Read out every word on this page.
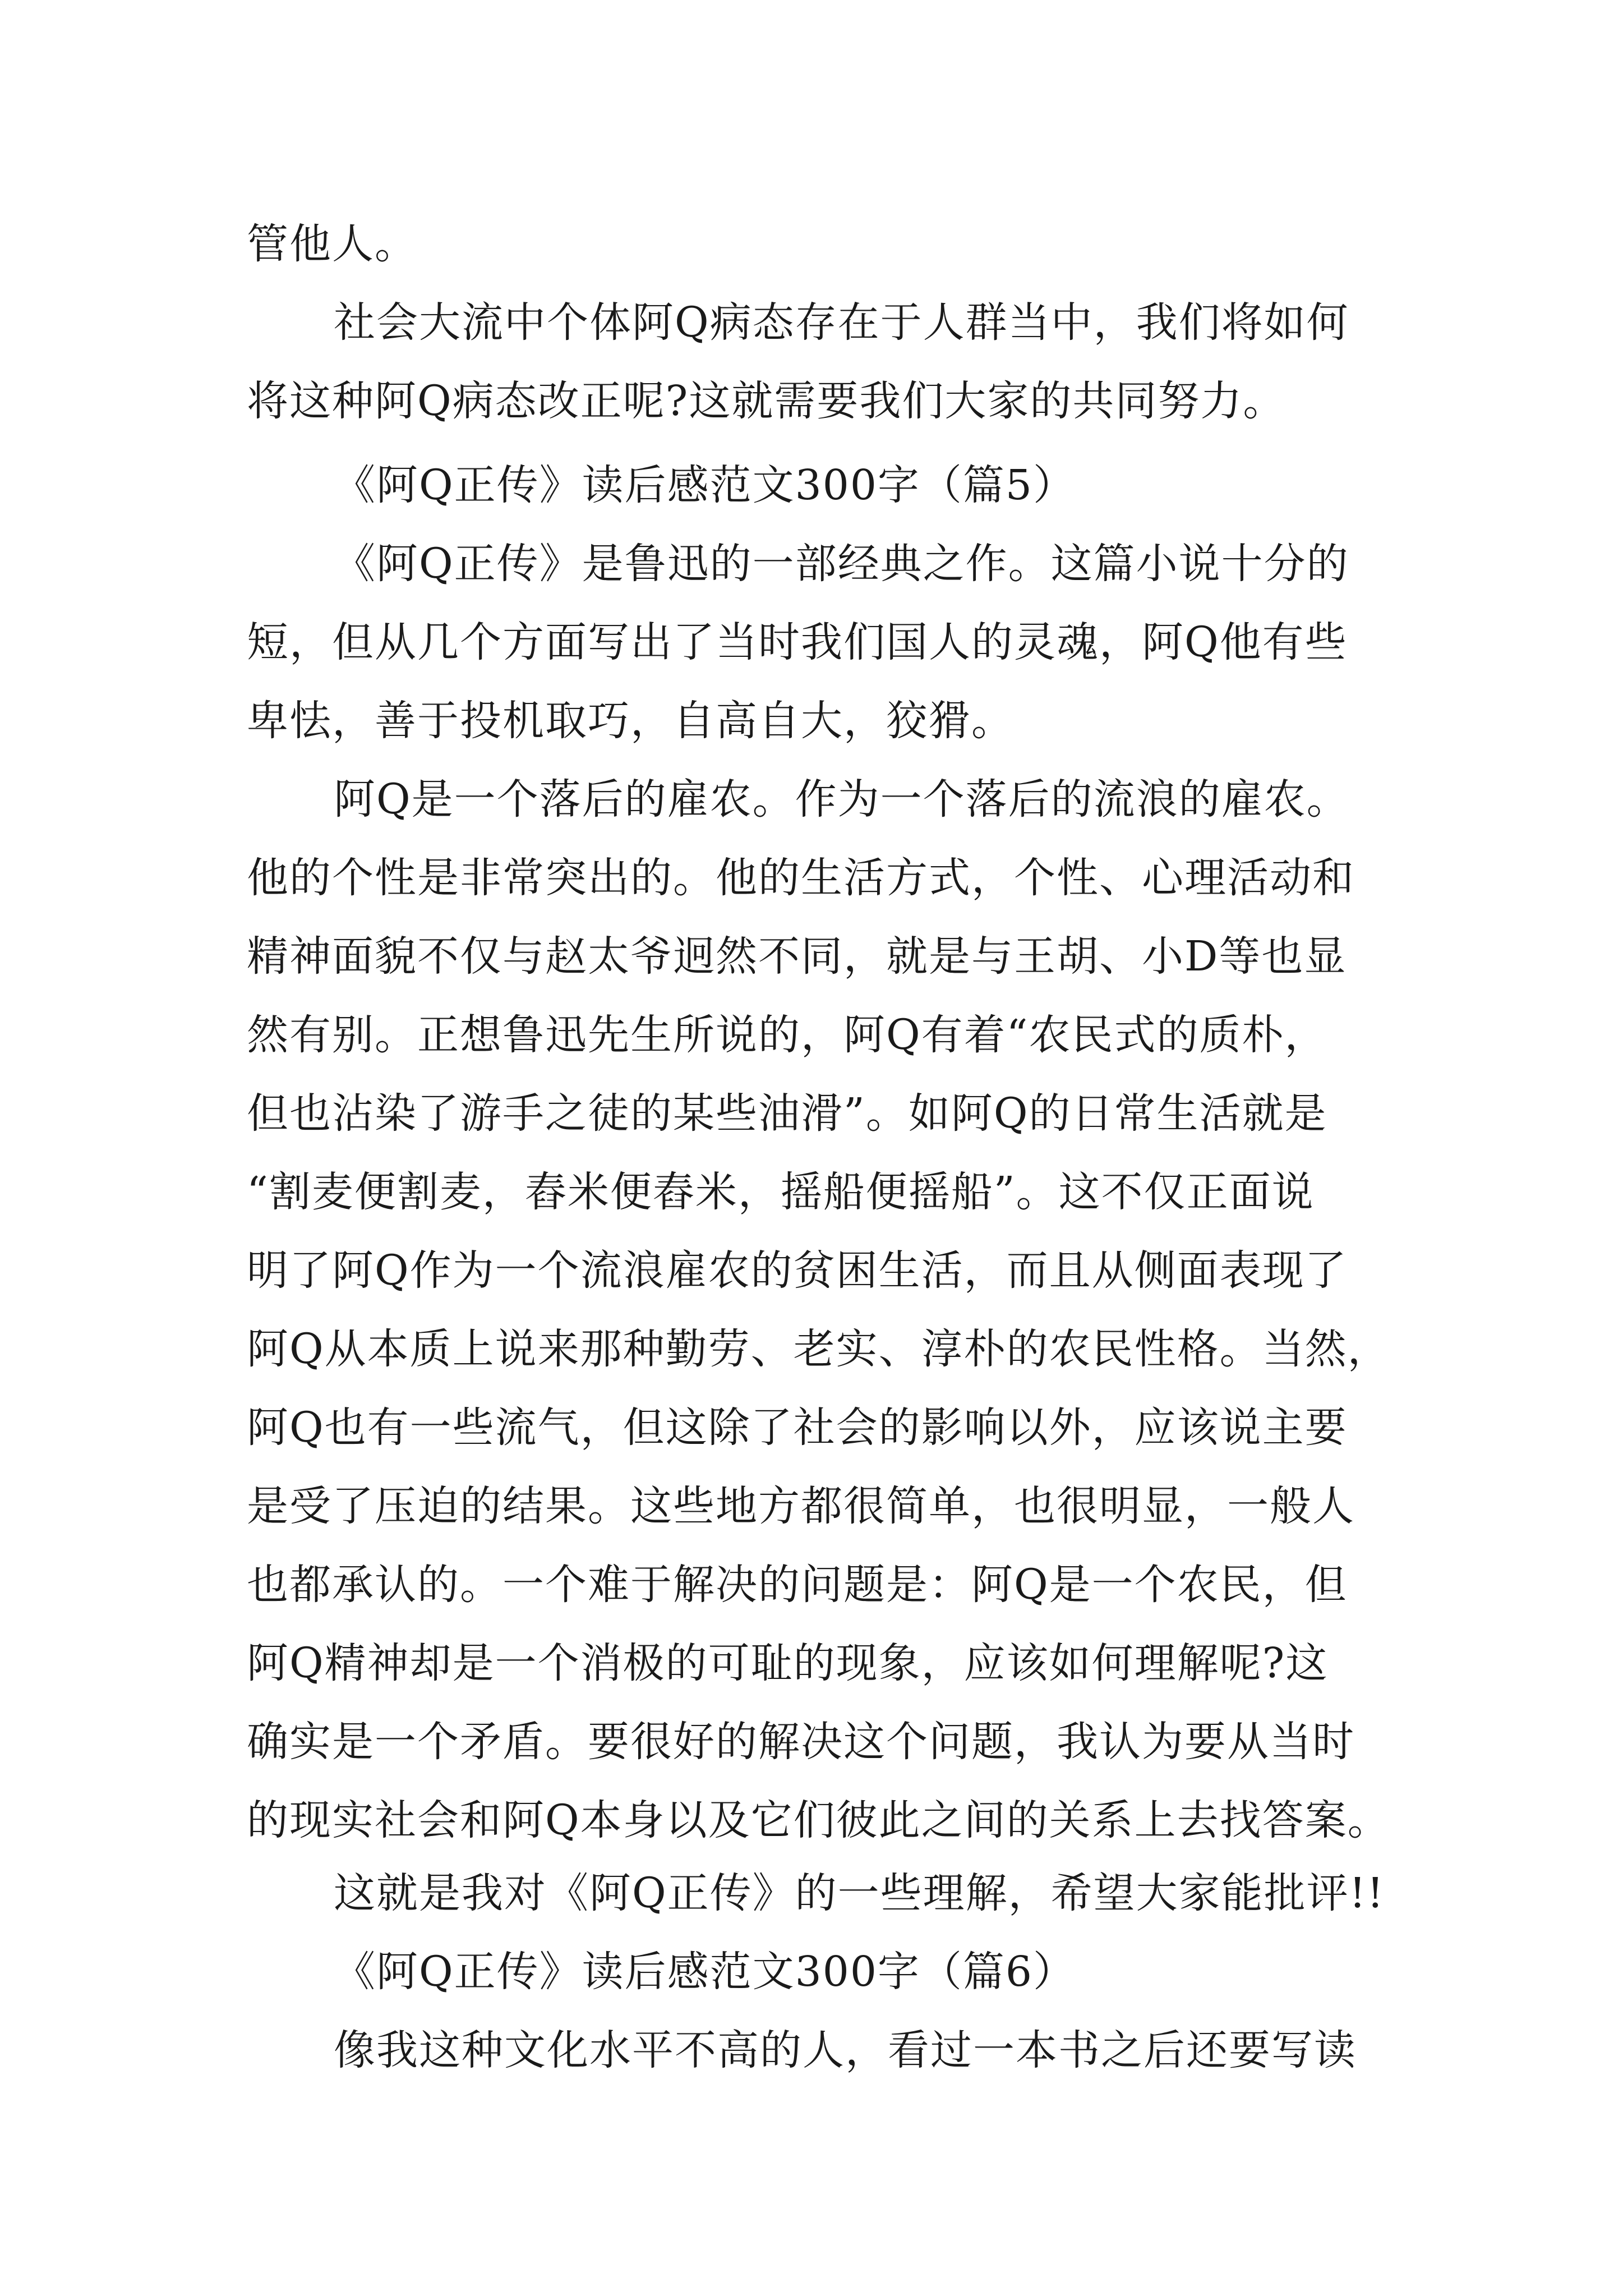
管他人。
社会大流中个体阿Q病态存在于人群当中，我们将如何
将这种阿Q病态改正呢?这就需要我们大家的共同努力。
《阿Q正传》读后感范文300字（篇5）
《阿Q正传》是鲁迅的一部经典之作。这篇小说十分的
短，但从几个方面写出了当时我们国人的灵魂，阿Q他有些
卑怯，善于投机取巧，自高自大，狡猾。
阿Q是一个落后的雇农。作为一个落后的流浪的雇农。
他的个性是非常突出的。他的生活方式，个性、心理活动和
精神面貌不仅与赵太爷迥然不同，就是与王胡、小D等也显
然有别。正想鲁迅先生所说的，阿Q有着“农民式的质朴，
但也沾染了游手之徒的某些油滑”。如阿Q的日常生活就是
“割麦便割麦，舂米便舂米，摇船便摇船”。这不仅正面说
明了阿Q作为一个流浪雇农的贫困生活，而且从侧面表现了
阿Q从本质上说来那种勤劳、老实、淳朴的农民性格。当然，
阿Q也有一些流气，但这除了社会的影响以外，应该说主要
是受了压迫的结果。这些地方都很简单，也很明显，一般人
也都承认的。一个难于解决的问题是：阿Q是一个农民，但
阿Q精神却是一个消极的可耻的现象，应该如何理解呢?这
确实是一个矛盾。要很好的解决这个问题，我认为要从当时
的现实社会和阿Q本身以及它们彼此之间的关系上去找答案。
这就是我对《阿Q正传》的一些理解，希望大家能批评!!
《阿Q正传》读后感范文300字（篇6）
像我这种文化水平不高的人，看过一本书之后还要写读
